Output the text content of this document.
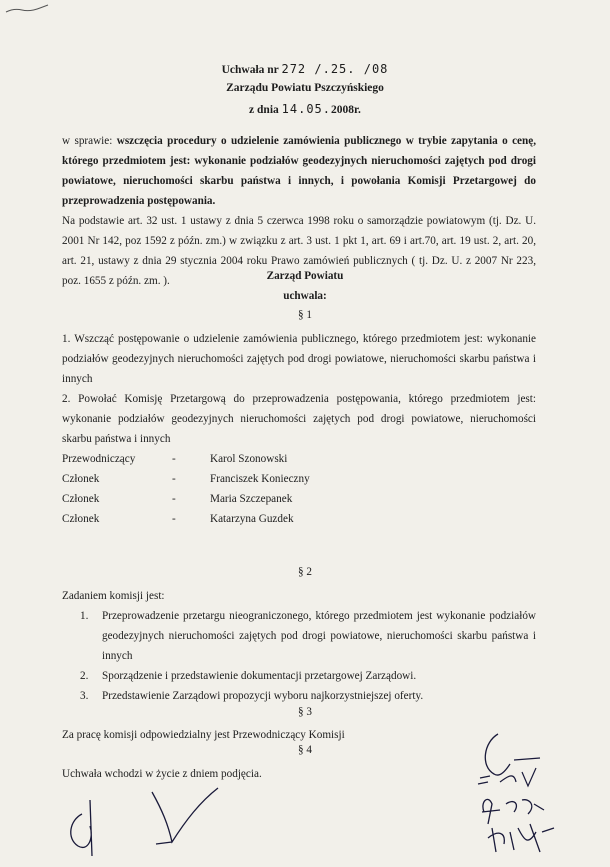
Uchwała nr 272 /.25. /08
Zarządu Powiatu Pszczyńskiego
z dnia 14.05.2008r.
w sprawie: wszczęcia procedury o udzielenie zamówienia publicznego w trybie zapytania o cenę, którego przedmiotem jest: wykonanie podziałów geodezyjnych nieruchomości zajętych pod drogi powiatowe, nieruchomości skarbu państwa i innych, i powołania Komisji Przetargowej do przeprowadzenia postępowania.
Na podstawie art. 32 ust. 1 ustawy z dnia 5 czerwca 1998 roku o samorządzie powiatowym (tj. Dz. U. 2001 Nr 142, poz 1592 z późn. zm.) w związku z art. 3 ust. 1 pkt 1, art. 69 i art.70, art. 19 ust. 2, art. 20, art. 21, ustawy z dnia 29 stycznia 2004 roku Prawo zamówień publicznych ( tj. Dz. U. z 2007 Nr 223, poz. 1655 z późn. zm. ).	Zarząd Powiatu
uchwala:
§ 1
1. Wszcząć postępowanie o udzielenie zamówienia publicznego, którego przedmiotem jest: wykonanie podziałów geodezyjnych nieruchomości zajętych pod drogi powiatowe, nieruchomości skarbu państwa i innych
2. Powołać Komisję Przetargową do przeprowadzenia postępowania, którego przedmiotem jest: wykonanie podziałów geodezyjnych nieruchomości zajętych pod drogi powiatowe, nieruchomości skarbu państwa i innych
Przewodniczący	-	Karol Szonowski
Członek	-	Franciszek Konieczny
Członek	-	Maria Szczepanek
Członek	-	Katarzyna Guzdek
§ 2
Zadaniem komisji jest:
1. Przeprowadzenie przetargu nieograniczonego, którego przedmiotem jest wykonanie podziałów geodezyjnych nieruchomości zajętych pod drogi powiatowe, nieruchomości skarbu państwa i innych
2. Sporządzenie i przedstawienie dokumentacji przetargowej Zarządowi.
3. Przedstawienie Zarządowi propozycji wyboru najkorzystniejszej oferty.
§ 3
Za pracę komisji odpowiedzialny jest Przewodniczący Komisji
§ 4
Uchwała wchodzi w życie z dniem podjęcia.
